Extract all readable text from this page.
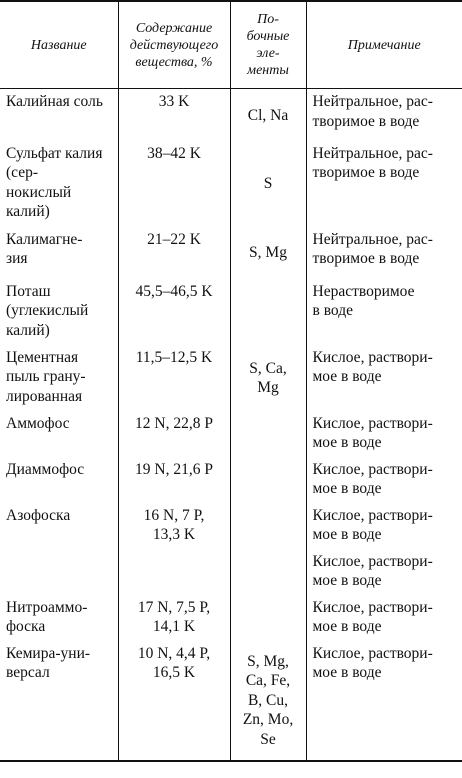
Название	Содержание действующего вещества, %	По-
бочные
эле-
менты	Примечание
Калийная соль	33 K	Cl, Na	Нейтральное, рас-
творимое в воде
Сульфат калия (сер-
нокислый калий)	38–42 K	S	Нейтральное, рас-
творимое в воде
Калимагне-
зия	21–22 K	S, Mg	Нейтральное, рас-
творимое в воде
Поташ
(углекислый
калий)	45,5–46,5 K		Нерастворимое
в воде
Цементная
пыль грану-
лированная	11,5–12,5 K	S, Ca,
Mg	Кислое, раствори-
мое в воде
Аммофос	12 N, 22,8 P		Кислое, раствори-
мое в воде
Диаммофос	19 N, 21,6 P		Кислое, раствори-
мое в воде
Азофоска	16 N, 7 P,
13,3 K		Кислое, раствори-
мое в воде
			Кислое, раствори-
мое в воде
Нитроаммо-
фоска	17 N, 7,5 P,
14,1 K		Кислое, раствори-
мое в воде
Кемира-уни-
версал	10 N, 4,4 P,
16,5 K	S, Mg,
Ca, Fe,
B, Cu,
Zn, Mo,
Se	Кислое, раствори-
мое в воде
